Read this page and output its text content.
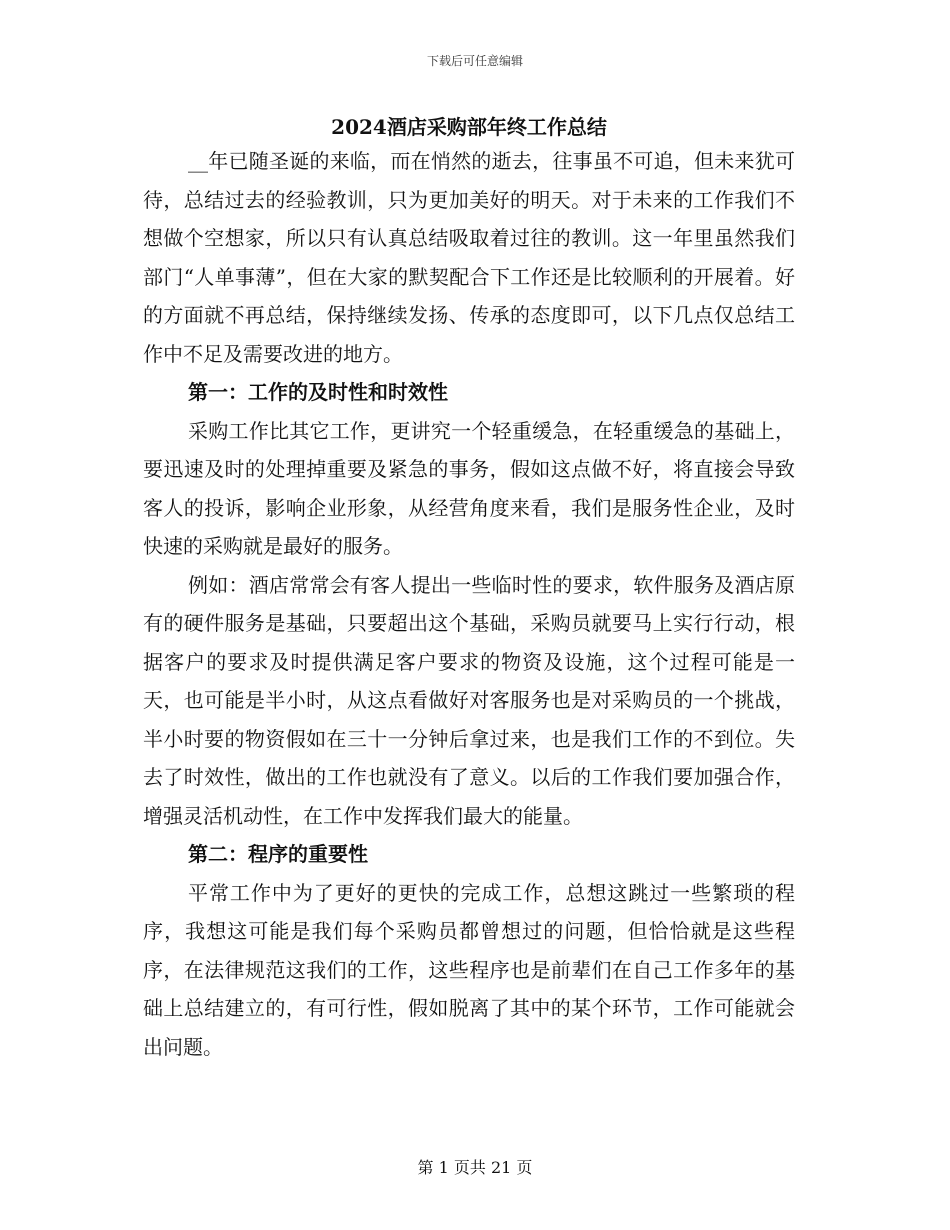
下载后可任意编辑
2024酒店采购部年终工作总结

__年已随圣诞的来临，而在悄然的逝去，往事虽不可追，但未来犹可待，总结过去的经验教训，只为更加美好的明天。对于未来的工作我们不想做个空想家，所以只有认真总结吸取着过往的教训。这一年里虽然我们部门“人单事薄”，但在大家的默契配合下工作还是比较顺利的开展着。好的方面就不再总结，保持继续发扬、传承的态度即可，以下几点仅总结工作中不足及需要改进的地方。

第一：工作的及时性和时效性

采购工作比其它工作，更讲究一个轻重缓急，在轻重缓急的基础上，要迅速及时的处理掉重要及紧急的事务，假如这点做不好，将直接会导致客人的投诉，影响企业形象，从经营角度来看，我们是服务性企业，及时快速的采购就是最好的服务。

例如：酒店常常会有客人提出一些临时性的要求，软件服务及酒店原有的硬件服务是基础，只要超出这个基础，采购员就要马上实行行动，根据客户的要求及时提供满足客户要求的物资及设施，这个过程可能是一天，也可能是半小时，从这点看做好对客服务也是对采购员的一个挑战，半小时要的物资假如在三十一分钟后拿过来，也是我们工作的不到位。失去了时效性，做出的工作也就没有了意义。以后的工作我们要加强合作，增强灵活机动性，在工作中发挥我们最大的能量。

第二：程序的重要性

平常工作中为了更好的更快的完成工作，总想这跳过一些繁琐的程序，我想这可能是我们每个采购员都曾想过的问题，但恰恰就是这些程序，在法律规范这我们的工作，这些程序也是前辈们在自己工作多年的基础上总结建立的，有可行性，假如脱离了其中的某个环节，工作可能就会出问题。

第 1 页共 21 页
